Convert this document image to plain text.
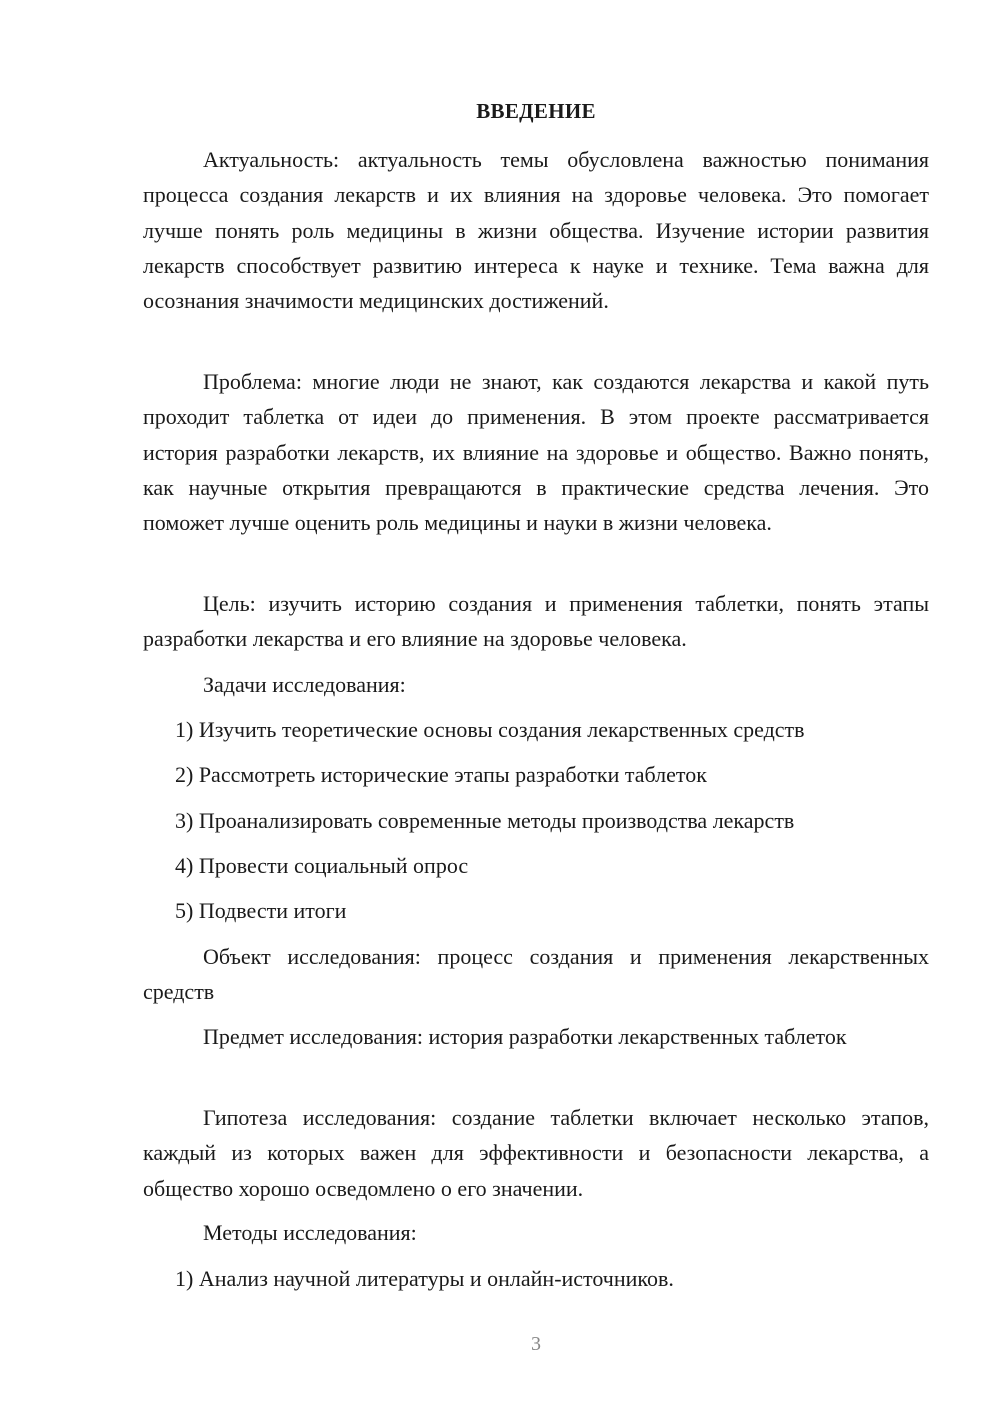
ВВЕДЕНИЕ

Актуальность: актуальность темы обусловлена важностью понимания процесса создания лекарств и их влияния на здоровье человека. Это помогает лучше понять роль медицины в жизни общества. Изучение истории развития лекарств способствует развитию интереса к науке и технике. Тема важна для осознания значимости медицинских достижений.

Проблема: многие люди не знают, как создаются лекарства и какой путь проходит таблетка от идеи до применения. В этом проекте рассматривается история разработки лекарств, их влияние на здоровье и общество. Важно понять, как научные открытия превращаются в практические средства лечения. Это поможет лучше оценить роль медицины и науки в жизни человека.

Цель: изучить историю создания и применения таблетки, понять этапы разработки лекарства и его влияние на здоровье человека.

Задачи исследования:

1) Изучить теоретические основы создания лекарственных средств

2) Рассмотреть исторические этапы разработки таблеток

3) Проанализировать современные методы производства лекарств

4) Провести социальный опрос

5) Подвести итоги

Объект исследования: процесс создания и применения лекарственных средств

Предмет исследования: история разработки лекарственных таблеток

Гипотеза исследования: создание таблетки включает несколько этапов, каждый из которых важен для эффективности и безопасности лекарства, а общество хорошо осведомлено о его значении.

Методы исследования:

1) Анализ научной литературы и онлайн-источников.

3
